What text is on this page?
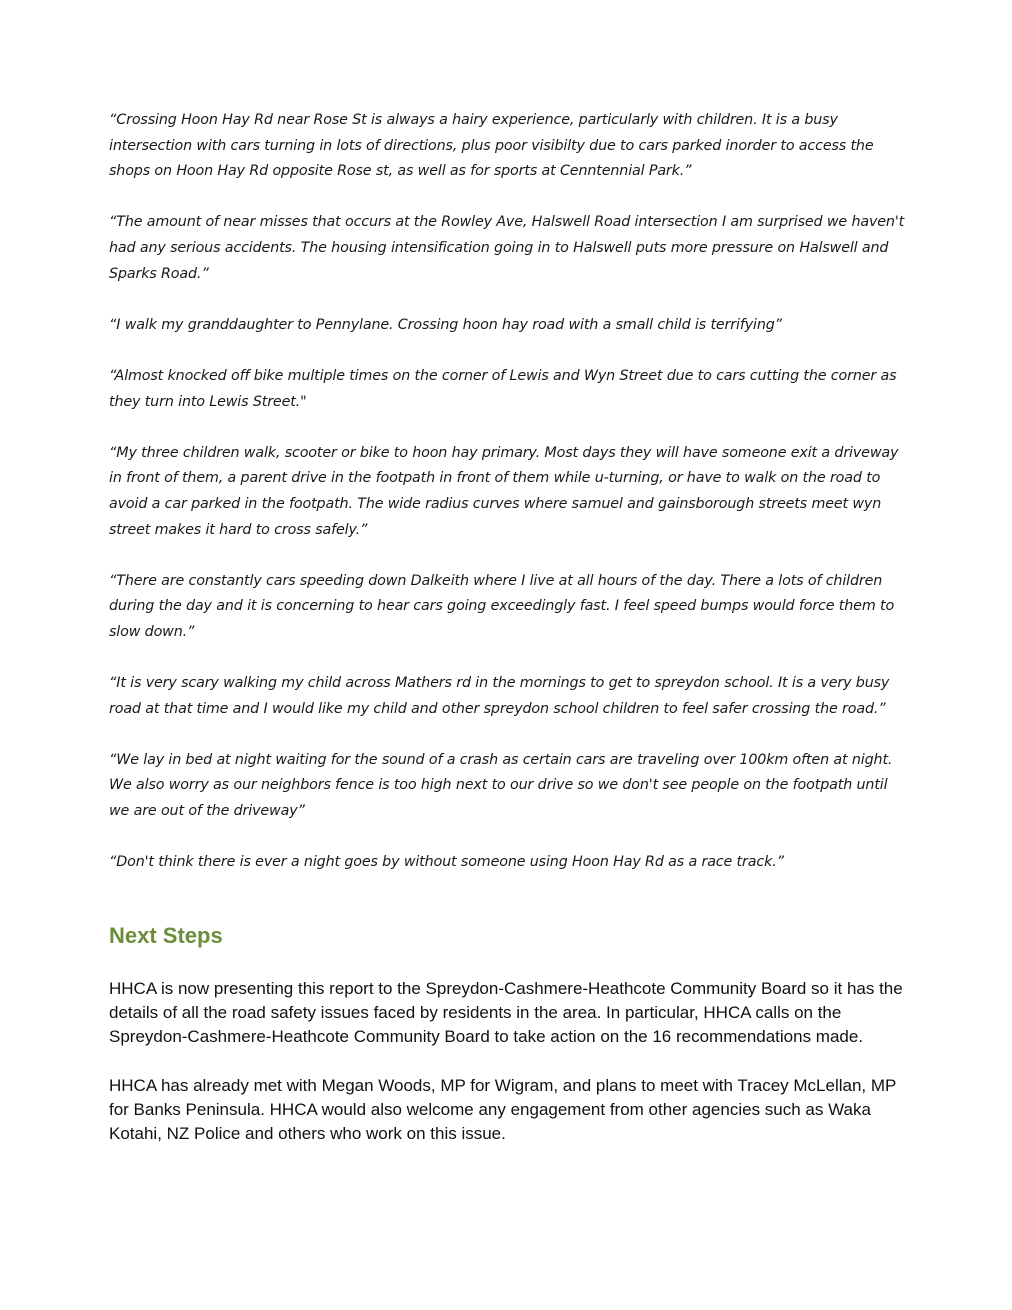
“Crossing Hoon Hay Rd near Rose St is always a hairy experience, particularly with children. It is a busy intersection with cars turning in lots of directions, plus poor visibilty due to cars parked inorder to access the shops on Hoon Hay Rd opposite Rose st, as well as for sports at Cenntennial Park.”

“The amount of near misses that occurs at the Rowley Ave, Halswell Road intersection I am surprised we haven't had any serious accidents. The housing intensification going in to Halswell puts more pressure on Halswell and Sparks Road.”

“I walk my granddaughter to Pennylane. Crossing hoon hay road with a small child is terrifying”

“Almost knocked off bike multiple times on the corner of Lewis and Wyn Street due to cars cutting the corner as they turn into Lewis Street."

“My three children walk, scooter or bike to hoon hay primary. Most days they will have someone exit a driveway in front of them, a parent drive in the footpath in front of them while u-turning, or have to walk on the road to avoid a car parked in the footpath. The wide radius curves where samuel and gainsborough streets meet wyn street makes it hard to cross safely.”

“There are constantly cars speeding down Dalkeith where I live at all hours of the day. There a lots of children during the day and it is concerning to hear cars going exceedingly fast. I feel speed bumps would force them to slow down.”

“It is very scary walking my child across Mathers rd in the mornings to get to spreydon school. It is a very busy road at that time and I would like my child and other spreydon school children to feel safer crossing the road.”

“We lay in bed at night waiting for the sound of a crash as certain cars are traveling over 100km often at night. We also worry as our neighbors fence is too high next to our drive so we don't see people on the footpath until we are out of the driveway”

“Don't think there is ever a night goes by without someone using Hoon Hay Rd as a race track.”

Next Steps

HHCA is now presenting this report to the Spreydon-Cashmere-Heathcote Community Board so it has the details of all the road safety issues faced by residents in the area. In particular, HHCA calls on the Spreydon-Cashmere-Heathcote Community Board to take action on the 16 recommendations made.

HHCA has already met with Megan Woods, MP for Wigram, and plans to meet with Tracey McLellan, MP for Banks Peninsula. HHCA would also welcome any engagement from other agencies such as Waka Kotahi, NZ Police and others who work on this issue.
